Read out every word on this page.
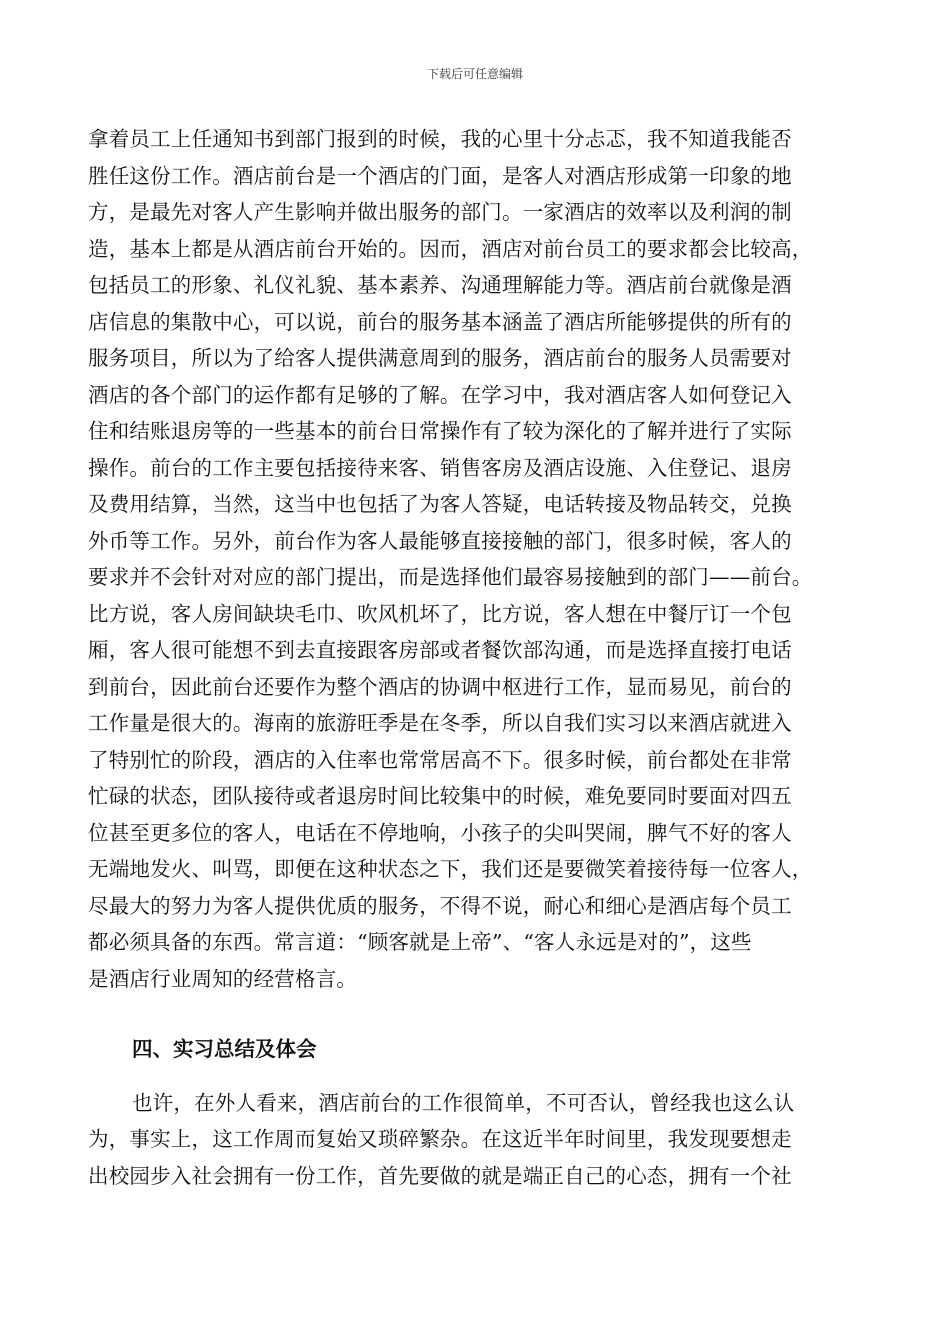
下载后可任意编辑
拿着员工上任通知书到部门报到的时候，我的心里十分忐忑，我不知道我能否
胜任这份工作。酒店前台是一个酒店的门面，是客人对酒店形成第一印象的地
方，是最先对客人产生影响并做出服务的部门。一家酒店的效率以及利润的制
造，基本上都是从酒店前台开始的。因而，酒店对前台员工的要求都会比较高，
包括员工的形象、礼仪礼貌、基本素养、沟通理解能力等。酒店前台就像是酒
店信息的集散中心，可以说，前台的服务基本涵盖了酒店所能够提供的所有的
服务项目，所以为了给客人提供满意周到的服务，酒店前台的服务人员需要对
酒店的各个部门的运作都有足够的了解。在学习中，我对酒店客人如何登记入
住和结账退房等的一些基本的前台日常操作有了较为深化的了解并进行了实际
操作。前台的工作主要包括接待来客、销售客房及酒店设施、入住登记、退房
及费用结算，当然，这当中也包括了为客人答疑，电话转接及物品转交，兑换
外币等工作。另外，前台作为客人最能够直接接触的部门，很多时候，客人的
要求并不会针对对应的部门提出，而是选择他们最容易接触到的部门——前台。
比方说，客人房间缺块毛巾、吹风机坏了，比方说，客人想在中餐厅订一个包
厢，客人很可能想不到去直接跟客房部或者餐饮部沟通，而是选择直接打电话
到前台，因此前台还要作为整个酒店的协调中枢进行工作，显而易见，前台的
工作量是很大的。海南的旅游旺季是在冬季，所以自我们实习以来酒店就进入
了特别忙的阶段，酒店的入住率也常常居高不下。很多时候，前台都处在非常
忙碌的状态，团队接待或者退房时间比较集中的时候，难免要同时要面对四五
位甚至更多位的客人，电话在不停地响，小孩子的尖叫哭闹，脾气不好的客人
无端地发火、叫骂，即便在这种状态之下，我们还是要微笑着接待每一位客人，
尽最大的努力为客人提供优质的服务，不得不说，耐心和细心是酒店每个员工
都必须具备的东西。常言道：“顾客就是上帝”、“客人永远是对的”，这些
是酒店行业周知的经营格言。
四、实习总结及体会
也许，在外人看来，酒店前台的工作很简单，不可否认，曾经我也这么认
为，事实上，这工作周而复始又琐碎繁杂。在这近半年时间里，我发现要想走
出校园步入社会拥有一份工作，首先要做的就是端正自己的心态，拥有一个社
